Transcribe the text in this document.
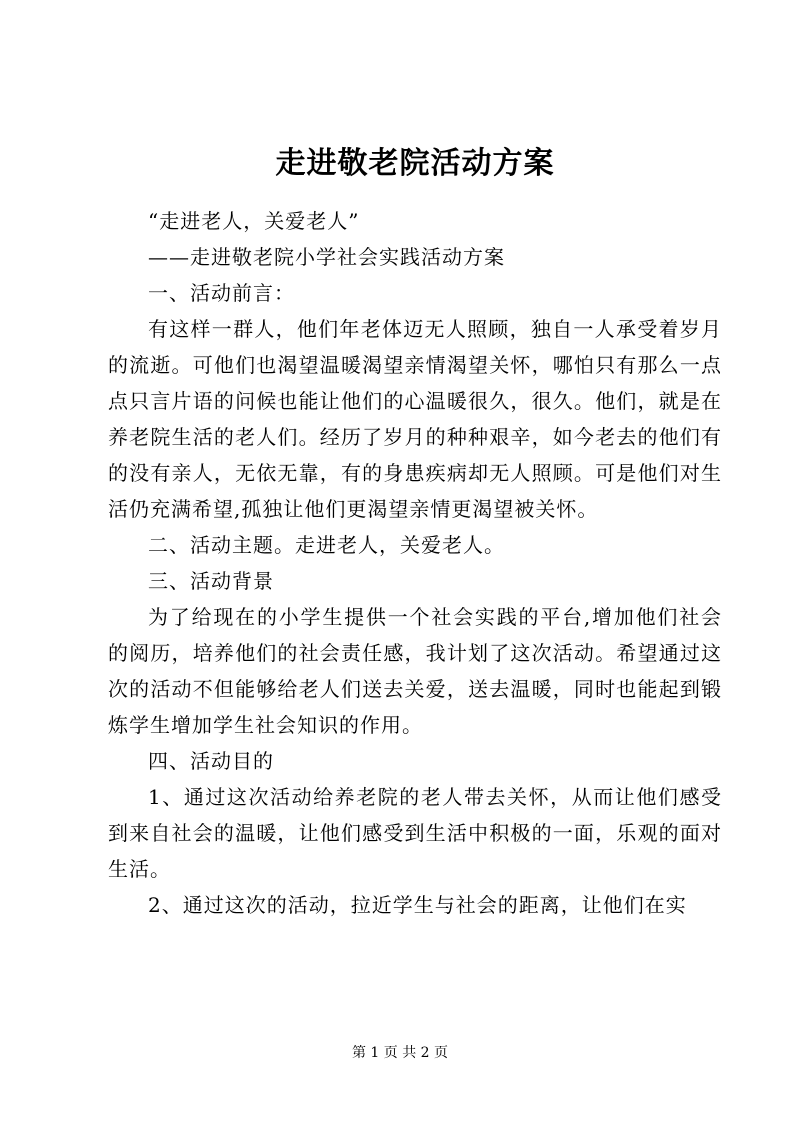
走进敬老院活动方案

“走进老人，关爱老人”

——走进敬老院小学社会实践活动方案

一、活动前言：

有这样一群人，他们年老体迈无人照顾，独自一人承受着岁月的流逝。可他们也渴望温暖渴望亲情渴望关怀，哪怕只有那么一点点只言片语的问候也能让他们的心温暖很久，很久。他们，就是在养老院生活的老人们。经历了岁月的种种艰辛，如今老去的他们有的没有亲人，无依无靠，有的身患疾病却无人照顾。可是他们对生活仍充满希望,孤独让他们更渴望亲情更渴望被关怀。

二、活动主题。走进老人，关爱老人。

三、活动背景

为了给现在的小学生提供一个社会实践的平台,增加他们社会的阅历，培养他们的社会责任感，我计划了这次活动。希望通过这次的活动不但能够给老人们送去关爱，送去温暖，同时也能起到锻炼学生增加学生社会知识的作用。

四、活动目的

1、通过这次活动给养老院的老人带去关怀，从而让他们感受到来自社会的温暖，让他们感受到生活中积极的一面，乐观的面对生活。

2、通过这次的活动，拉近学生与社会的距离，让他们在实

第 1 页 共 2 页
